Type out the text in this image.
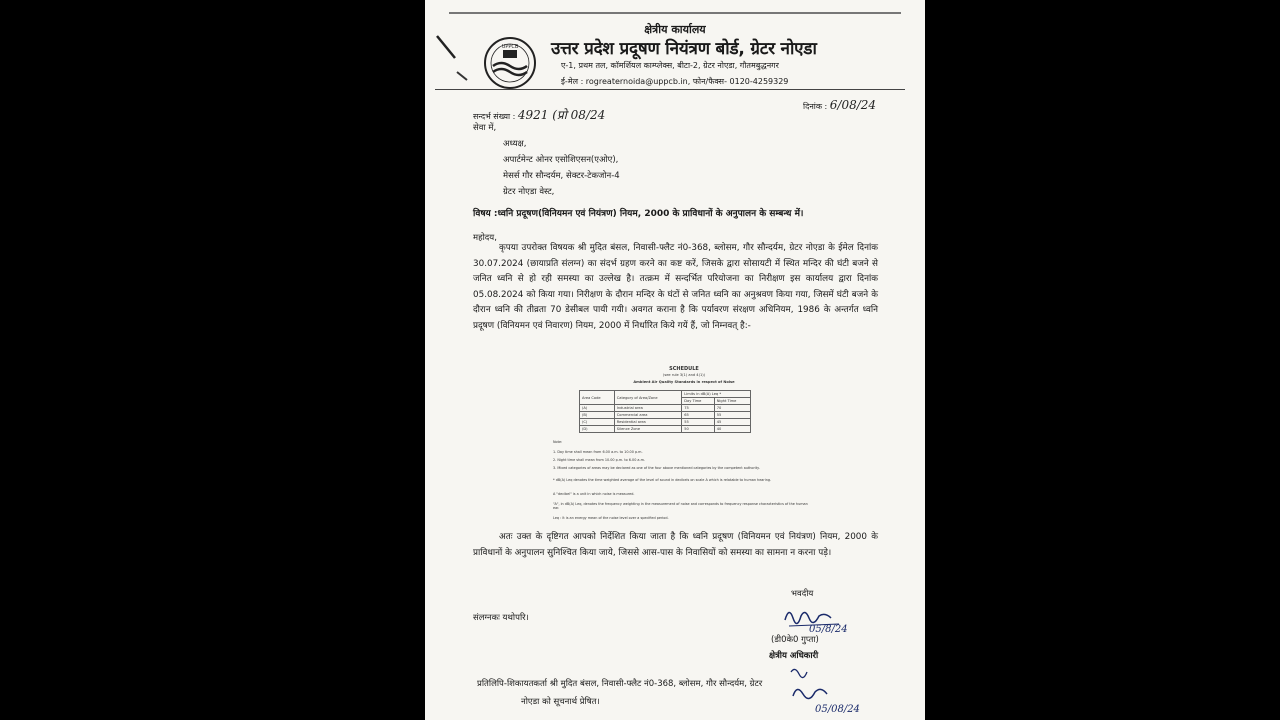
UPPCB
क्षेत्रीय कार्यालय
उत्तर प्रदेश प्रदूषण नियंत्रण बोर्ड, ग्रेटर नोएडा
ए-1, प्रथम तल, कॉमर्शियल काम्प्लेक्स, बीटा-2, ग्रेटर नोएडा, गौतमबुद्धनगर
ई-मेल : rogreaternoida@uppcb.in, फोन/फैक्स- 0120-4259329
सन्दर्भ संख्या : 4921 (प्रो 08/24
दिनांक : 6/08/24
सेवा में,
अध्यक्ष,
अपार्टमेन्ट ओनर एसोशिएसन(एओए),
मेसर्स गौर सौन्दर्यम, सेक्टर-टेकजोन-4
ग्रेटर नोएडा वेस्ट,
विषय :ध्वनि प्रदूषण(विनियमन एवं नियंत्रण) नियम, 2000 के प्राविधानों के अनुपालन के सम्बन्ध में।
महोदय,

कृपया उपरोक्त विषयक श्री मुदित बंसल, निवासी-फ्लैट नं0-368, ब्लोसम, गौर सौन्दर्यम, ग्रेटर नोएडा के ईमेल दिनांक 30.07.2024 (छायाप्रति संलग्न) का संदर्भ ग्रहण करने का कष्ट करें, जिसके द्वारा सोसायटी में स्थित मन्दिर की घंटी बजने से जनित ध्वनि से हो रही समस्या का उल्लेख है। तत्क्रम में सन्दर्भित परियोजना का निरीक्षण इस कार्यालय द्वारा दिनांक 05.08.2024 को किया गया। निरीक्षण के दौरान मन्दिर के घंटों से जनित ध्वनि का अनुश्रवण किया गया, जिसमें घंटी बजने के दौरान ध्वनि की तीव्रता 70 डेसीबल पायी गयी। अवगत कराना है कि पर्यावरण संरक्षण अधिनियम, 1986 के अन्तर्गत ध्वनि प्रदूषण (विनियमन एवं निवारण) नियम, 2000 में निर्धारित किये गयें हैं, जो निम्नवत् है:-

SCHEDULE
(see rule 3(1) and 4(1))
Ambient Air Quality Standards in respect of Noise
Area Code	Category of Area/Zone	Limits in dB(A) Leq *	
		Day Time	Night Time
(A)	Industrial area	75	70
(B)	Commercial area	65	55
(C)	Residential area	55	45
(D)	Silence Zone	50	40
Note:
1. Day time shall mean from 6.00 a.m. to 10.00 p.m.
2. Night time shall mean from 10.00 p.m. to 6.00 a.m.
3. Mixed categories of areas may be declared as one of the four above mentioned categories by the competent authority.
* dB(A) Leq denotes the time weighted average of the level of sound in decibels on scale A which is relatable to human hearing.
A "decibel" is a unit in which noise is measured.
"A", in dB(A) Leq, denotes the frequency weighting in the measurement of noise and corresponds to frequency response characteristics of the human ear.
Leq : It is an energy mean of the noise level over a specified period.

अतः उक्त के दृष्टिगत आपको निर्देशित किया जाता है कि ध्वनि प्रदूषण (विनियमन एवं नियंत्रण) नियम, 2000 के प्राविधानों के अनुपालन सुनिश्चित किया जाये, जिससे आस-पास के निवासियों को समस्या का सामना न करना पड़े।

भवदीय
05/8/24
(डी0के0 गुप्ता)
क्षेत्रीय अधिकारी
संलग्नकः यथोपरि।
प्रतिलिपि-शिकायतकर्ता श्री मुदित बंसल, निवासी-फ्लैट नं0-368, ब्लोसम, गौर सौन्दर्यम, ग्रेटर
नोएडा को सूचनार्थ प्रेषित।
05/08/24
